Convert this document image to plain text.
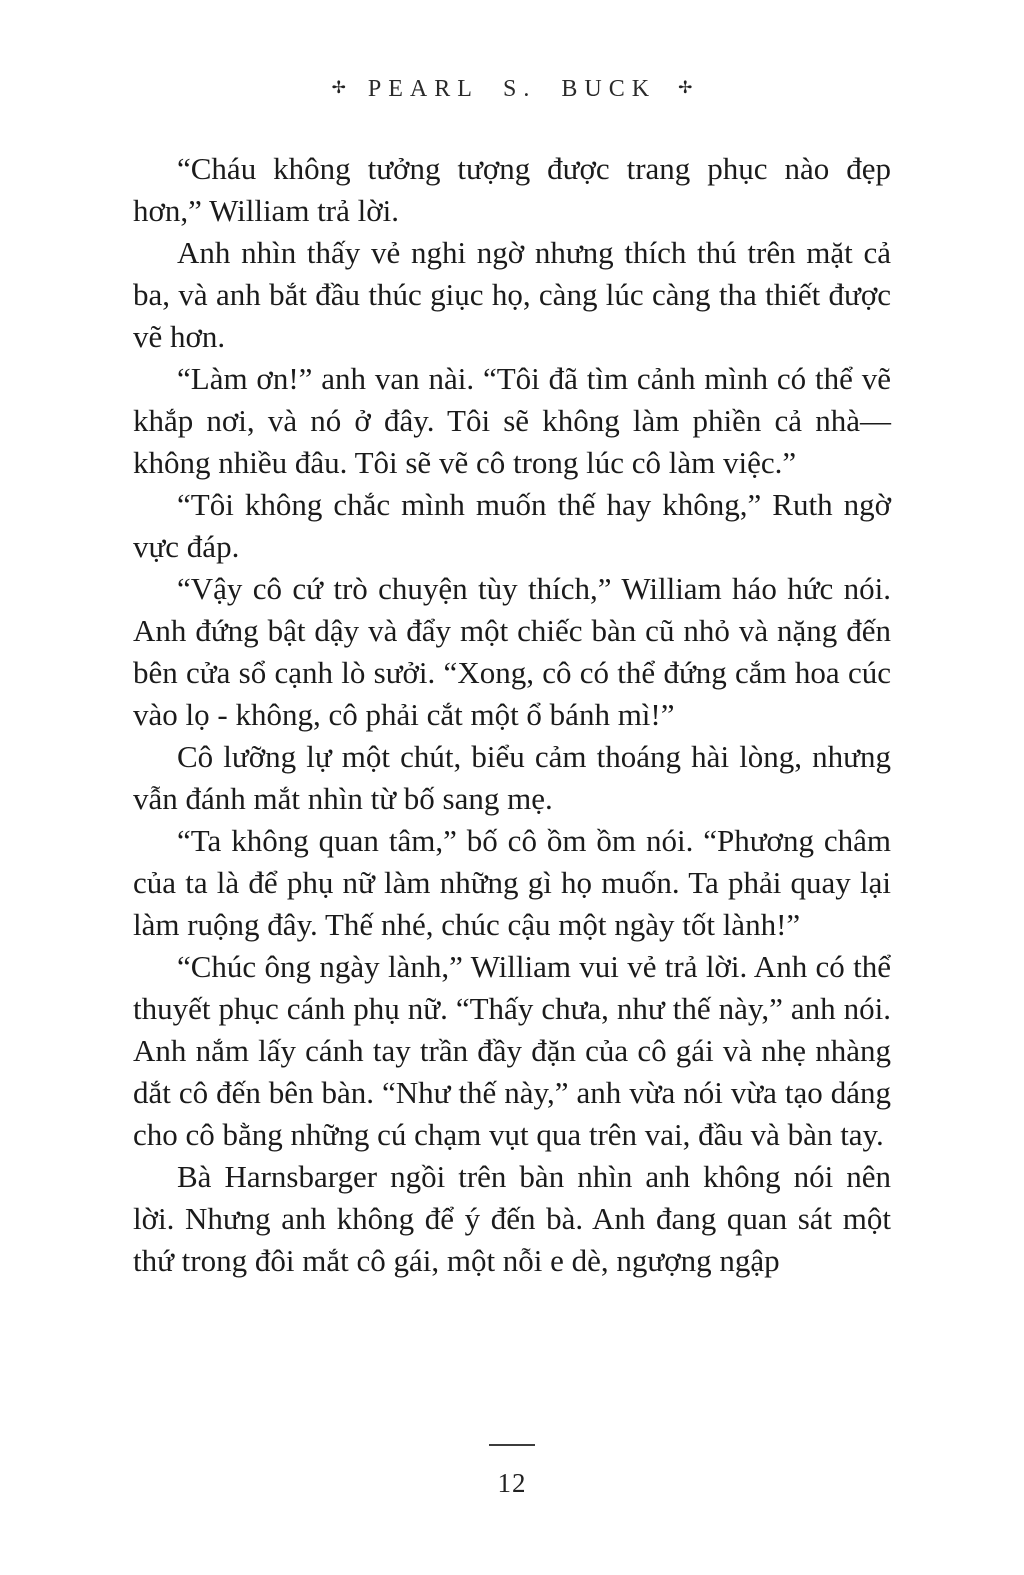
✢ PEARL S. BUCK ✢

“Cháu không tưởng tượng được trang phục nào đẹp hơn,” William trả lời.

Anh nhìn thấy vẻ nghi ngờ nhưng thích thú trên mặt cả ba, và anh bắt đầu thúc giục họ, càng lúc càng tha thiết được vẽ hơn.

“Làm ơn!” anh van nài. “Tôi đã tìm cảnh mình có thể vẽ khắp nơi, và nó ở đây. Tôi sẽ không làm phiền cả nhà—không nhiều đâu. Tôi sẽ vẽ cô trong lúc cô làm việc.”

“Tôi không chắc mình muốn thế hay không,” Ruth ngờ vực đáp.

“Vậy cô cứ trò chuyện tùy thích,” William háo hức nói. Anh đứng bật dậy và đẩy một chiếc bàn cũ nhỏ và nặng đến bên cửa sổ cạnh lò sưởi. “Xong, cô có thể đứng cắm hoa cúc vào lọ - không, cô phải cắt một ổ bánh mì!”

Cô lưỡng lự một chút, biểu cảm thoáng hài lòng, nhưng vẫn đánh mắt nhìn từ bố sang mẹ.

“Ta không quan tâm,” bố cô ồm ồm nói. “Phương châm của ta là để phụ nữ làm những gì họ muốn. Ta phải quay lại làm ruộng đây. Thế nhé, chúc cậu một ngày tốt lành!”

“Chúc ông ngày lành,” William vui vẻ trả lời. Anh có thể thuyết phục cánh phụ nữ. “Thấy chưa, như thế này,” anh nói. Anh nắm lấy cánh tay trần đầy đặn của cô gái và nhẹ nhàng dắt cô đến bên bàn. “Như thế này,” anh vừa nói vừa tạo dáng cho cô bằng những cú chạm vụt qua trên vai, đầu và bàn tay.

Bà Harnsbarger ngồi trên bàn nhìn anh không nói nên lời. Nhưng anh không để ý đến bà. Anh đang quan sát một thứ trong đôi mắt cô gái, một nỗi e dè, ngượng ngập

12
